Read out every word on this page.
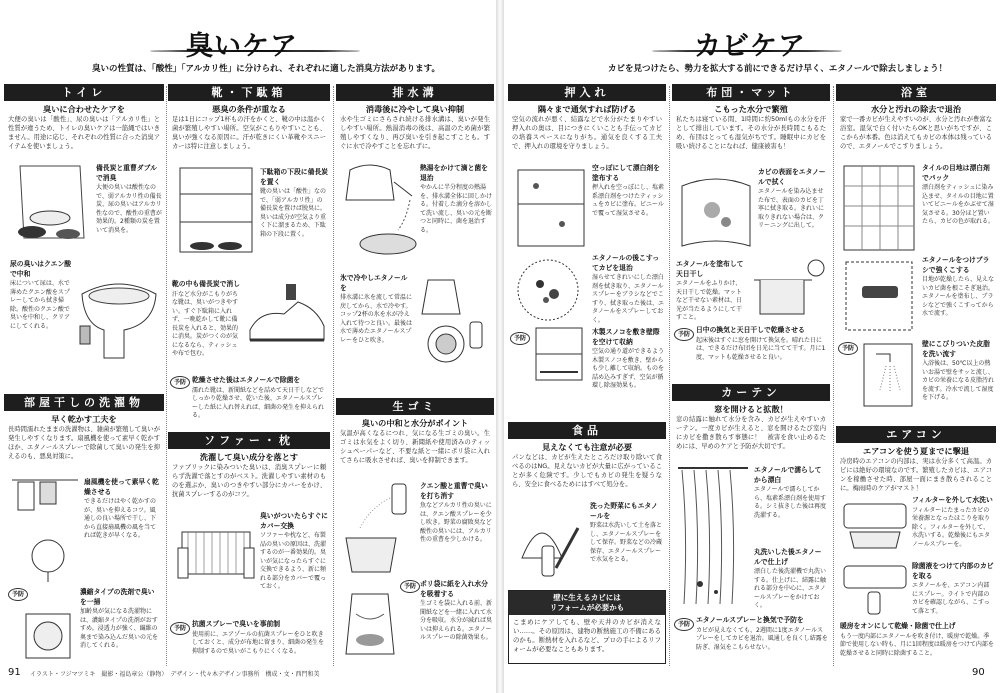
臭いケア
臭いの性質は、「酸性」「アルカリ性」に分けられ、それぞれに適した消臭方法があります。
トイレ
臭いに合わせたケアを
大便の臭いは「酸性」、尿の臭いは「アルカリ性」と性質が違うため、トイレの臭いケアは一筋縄ではいきません。用途に応じ、それぞれの性質に合った消臭アイテムを使いましょう。
備長炭と重曹ダブルで消臭
大便の臭いは酸性なので、弱アルカリ性の備長炭、尿の臭いはアルカリ性なので、酸性の重曹が効果的。2種類の炭を置いて消臭を。
尿の臭いはクエン酸で中和
床について尿は、水で薄めたクエン酸をスプレーしてから拭き掃除。酸性のクエン酸で臭いを中和し、クリアにしてくれる。
靴・下駄箱
悪臭の条件が重なる
足は1日にコップ1杯もの汗をかくと、靴の中は温かく菌が繁殖しやすい場所。空気がこもりやすいことも、臭いが強くなる原因に。汗が乾きにくい革靴やスニーカーは特に注意しましょう。
下駄箱の下段に備長炭を置く
靴の臭いは「酸性」なので、「弱アルカリ性」の備長炭を置けば脱臭に。臭いは成分が空気より重く下に溜まるため、下駄箱の下段に置く。
靴の中も備長炭で消し
汗など水分がこもりがちな靴は、臭いがつきやすい。すぐ下駄箱に入れず、一晩乾かして靴に備長炭を入れると、効果的に消臭。炭がつくのが気になるなら、ティッシュや布で包む。
予防 乾燥させた後はエタノールで除菌を
濡れた靴は、新聞紙などを詰めて天日干しなどでしっかり乾燥させ、乾いた後、エタノールスプレーした紙に入れ替えれば、細菌の発生を抑えられる。
排水溝
消毒後に冷やして臭い抑制
水や生ゴミにさらされ続ける排水溝は、臭いが発生しやすい場所。熱湯消毒の後は、高温のため菌が繁殖しやすくなり、再び臭いを引き起こすことも。すぐに水で冷やすことを忘れずに。
熱湯をかけて滴と菌を退治
やかんに半分程度の熱湯を、排水溝全体に回しかける。付着した滴分を溶かして洗い流し、臭いの元を断つと同時に、菌を退治する。
氷で冷やしエタノールを
排水溝に氷を流して常温に戻してから、水で冷やす。コップ2杯の氷を水が冷え入れて待つと良い。最後は水で薄めたエタノールスプレーをひと吹き。
部屋干しの洗濯物
早く乾かす工夫を
長時間濡れたままの洗濯物は、雑菌が繁殖して臭いが発生しやすくなります。扇風機を使って素早く乾かすほか、エタノールスプレーで除菌して臭いの発生を抑えるのも、悪臭対策に。
扇風機を使って素早く乾燥させる
できるだけはやく乾かすのが、臭いを抑えるコツ。風通しの良い場所で干し、下から直接扇風機の風を当てれば乾きが早くなる。
予防	濃縮タイプの洗剤で臭いを一掃
加齢臭が気になる洗濯物には、濃縮タイプの洗剤がおすすめ。浸透力が強く、繊維の奥まで染み込んだ臭いの元を消してくれる。
ソファー・枕
洗濯して臭い成分を落とす
ファブリックに染みついた臭いは、消臭スプレーに頼らず洗濯で落とすのがベスト。洗濯しやすい素材のものを選ぶか、臭いのつきやすい部分にカバーをかけ、抗菌スプレーするのがコツ。
臭いがついたらすぐにカバー交換
ソファーや枕など、布製品の臭いの原因は、洗濯するのが一番効果的。臭いが気になったらすぐに交換できるよう、新に頻れる部分をカバーで覆っておく。
予防
抗菌スプレーで臭いを事前制
使用前に、エアゾールの抗菌スプレーをひと吹きしておくと、成分が布地に留まり、細菌の発生を抑制するので臭いがこもりにくくなる。
生ゴミ
臭いの中和と水分がポイント
気温が高くなるにつれ、気になる生ゴミの臭い。生ゴミは水気をよく切り、新聞紙や使用済みのティッシュペーパーなど、不要な紙と一緒にポリ袋に入れてさらに吸水させれば、臭いを抑制できます。
クエン酸と重曹で臭いを打ち消す
魚などアルカリ性の臭いには、クエン酸スプレーを少し吹き。野菜の腐敗臭など酸性の臭いには、アルカリ性の重曹を少しかける。
予防 ポリ袋に紙を入れ水分を吸着する
生ゴミを袋に入れる前、新聞紙などを一緒に入れて水分を吸収。水分が減れば臭いは抑えられる。エタノールスプレーの除菌効果も。
91 イラスト・フジマツミキ　撮影・福島章公（静物）　デザイン・代々木デザイン事務所　構成・文・西門和美
カビケア
カビを見つけたら、勢力を拡大する前にできるだけ早く、エタノールで除去しましょう！
押入れ
隅々まで通気すれば防げる
空気の流れが悪く、結露などで水分がたまりやすい押入れの奥は、目につきにくいことも手伝ってカビの培養スペースになりがち。通気を良くする工夫で、押入れの環境を守りましょう。
空っぽにして漂白剤を塗布する
押入れを空っぽにし、塩素系漂白剤をつけたティッシュをカビに塗布。ビニールで覆って湿気させる。
エタノールの後こすってカビを退治
湿らせてきれいにした漂白剤を拭き取り、エタノールスプレーをブラシなどでこすり、拭き取った後は、エタノールをスプレーしておく。
予防
木製スノコを敷き壁際を空けて収納
空気の通り道ができるよう木製スノコを敷き、壁からも少し離して収納。ものを詰め込みすぎず、空気が循環し除湿効果も。
布団・マット
こもった水分で繁殖
私たちは寝ている間、1時間に約50mlもの水分を汗として排出しています。その水分が長時間こもるため、布団はとっても湿気がちです。睡眠中にカビを吸い続けることになれば、健康被害も！
カビの表面をエタノールで拭く
エタノールを染み込ませた布で、表面のカビを丁寧に拭き取る。きれいに取りきれない場合は、クリーニングに出して。
エタノールを塗布して天日干し
エタノールをふりかけ、天日干しで乾燥。マットなど干せない素材は、日光が当たるようにして干すこと。
予防
日中の換気と天日干しで乾燥させる
起床後はすぐに窓を開けて換気を。晴れた日には、できるだけ布団を日光に当てて干す。月に1度、マットも乾燥させると良い。
浴室
水分と汚れの除去で退治
家で一番カビが生えやすいのが、水分と汚れが豊富な浴室。湿気で白く付いたらOKと思いがちですが、ここからが本番。色は消えてもカビの本体は残っているので、エタノールでこすりましょう。
タイルの目地は漂白剤でパック
漂白剤をティッシュに染み込ませ、タイルの目地に置いてビニールをかぶせて湿気させる。30分ほど置いたら、カビの色が取れる。
エタノールをつけブラシで強くこする
目地が乾燥したら、見えないカビ菌を根こそぎ退治。エタノールを塗布し、ブラシなどで強くこすってから水で流す。
予防
壁にこびりついた皮脂を洗い流す
入浴後は、50℃以上の熱いお湯で壁をサッと流し、カビの栄養になる皮脂汚れを流す。冷水で流して湿度を下げる。
食品
見えなくても注意が必要
パンなどは、カビが生えたところだけ取り除いて食べるのはNG。見えないカビが大量に広がっていることが多く危険です。少しでもカビの発生を疑うなら、安全に食べるためにはすべて処分を。
洗った野菜にもエタノールを
野菜は水洗いして土を落とし、エタノールスプレーをして保存。野菜などの冷蔵保存、エタノールスプレーで水気をとる。
壁に生えるカビには
リフォームが必要かも
こまめにケアしても、壁や天井のカビが消えない……。その原因は、建物の断熱施工の不備にあるのかも。断熱材を入れるなど、プロの手によるリフォームが必要なこともあります。
カーテン
窓を開けると拡散！
窓の結露に触れて水分を含み、カビが生えやすいカーテン。一度カビが生えると、窓を開けるたび室内にカビを撒き散らす事態に！　被害を食い止めるためには、早めのケアと予防が大切です。
エタノールで濡らしてから漂白
エタノールで濡らしてから、塩素系漂白剤を使用する。シミ抜きした後は再度洗濯する。
丸洗いした後エタノールで仕上げ
漂白した後洗濯機で丸洗いする。仕上げに、結露に触れる部分を中心に、エタノールスプレーをかけておく。
予防
エタノールスプレーと換気で予防を
カビが見えなくても、2週間に1度エタノールスプレーをしてカビを退治。風通しを良くし結露を防ぎ、湿気をこもらせない。
エアコン
エアコンを使う夏までに撃退
冷房時のエアコンの内部は、実は水分多くて高温。カビには絶好の環境なのです。繁殖したカビは、エアコンを稼働させた時、部屋一面にまき散らされることに。梅雨時のケアがマスト！
フィルターを外して水洗い
フィルターにたまったカビの栄養源となったほこりを取り除く。フィルターを外して、水洗いする。乾燥後にもエタノールスプレーを。
除菌液をつけて内部のカビを取る
エタノールを、エアコン内部にスプレー。ライトで内部のカビを確認しながら、こすって落とす。
暖房をオンにして乾燥・除菌で仕上げ
もう一度内部にエタノールを吹き付け、暖房で乾燥。季節で使用しない時も、月に1回程度は暖房をつけて内部を乾燥させると同時に除菌すること。
90
